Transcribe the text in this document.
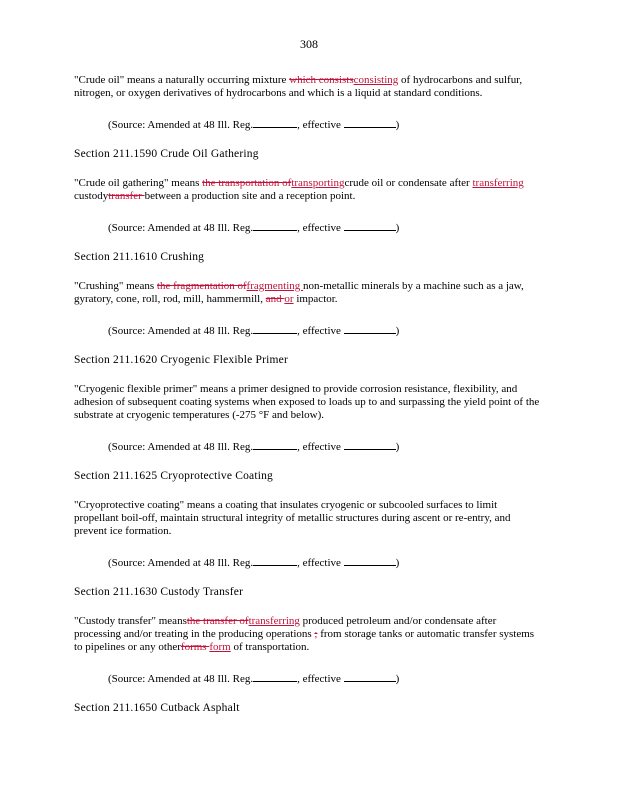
308

"Crude oil" means a naturally occurring mixture which consistsconsisting of hydrocarbons and sulfur, nitrogen, or oxygen derivatives of hydrocarbons and which is a liquid at standard conditions.

(Source: Amended at 48 Ill. Reg.	, effective	)

Section 211.1590 Crude Oil Gathering

"Crude oil gathering" means the transportation oftransportingcrude oil or condensate after transferring custodytransfer between a production site and a reception point.

(Source: Amended at 48 Ill. Reg.	, effective	)

Section 211.1610 Crushing

"Crushing" means the fragmentation offragmenting non-metallic minerals by a machine such as a jaw, gyratory, cone, roll, rod, mill, hammermill, and or impactor.

(Source: Amended at 48 Ill. Reg.	, effective	)

Section 211.1620 Cryogenic Flexible Primer

"Cryogenic flexible primer" means a primer designed to provide corrosion resistance, flexibility, and adhesion of subsequent coating systems when exposed to loads up to and surpassing the yield point of the substrate at cryogenic temperatures (-275 °F and below).

(Source: Amended at 48 Ill. Reg.	, effective	)

Section 211.1625 Cryoprotective Coating

"Cryoprotective coating" means a coating that insulates cryogenic or subcooled surfaces to limit propellant boil-off, maintain structural integrity of metallic structures during ascent or re-entry, and prevent ice formation.

(Source: Amended at 48 Ill. Reg.	, effective	)

Section 211.1630 Custody Transfer

"Custody transfer" meansthe transfer oftransferring produced petroleum and/or condensate after processing and/or treating in the producing operations ; from storage tanks or automatic transfer systems to pipelines or any otherforms form of transportation.

(Source: Amended at 48 Ill. Reg.	, effective	)

Section 211.1650 Cutback Asphalt
